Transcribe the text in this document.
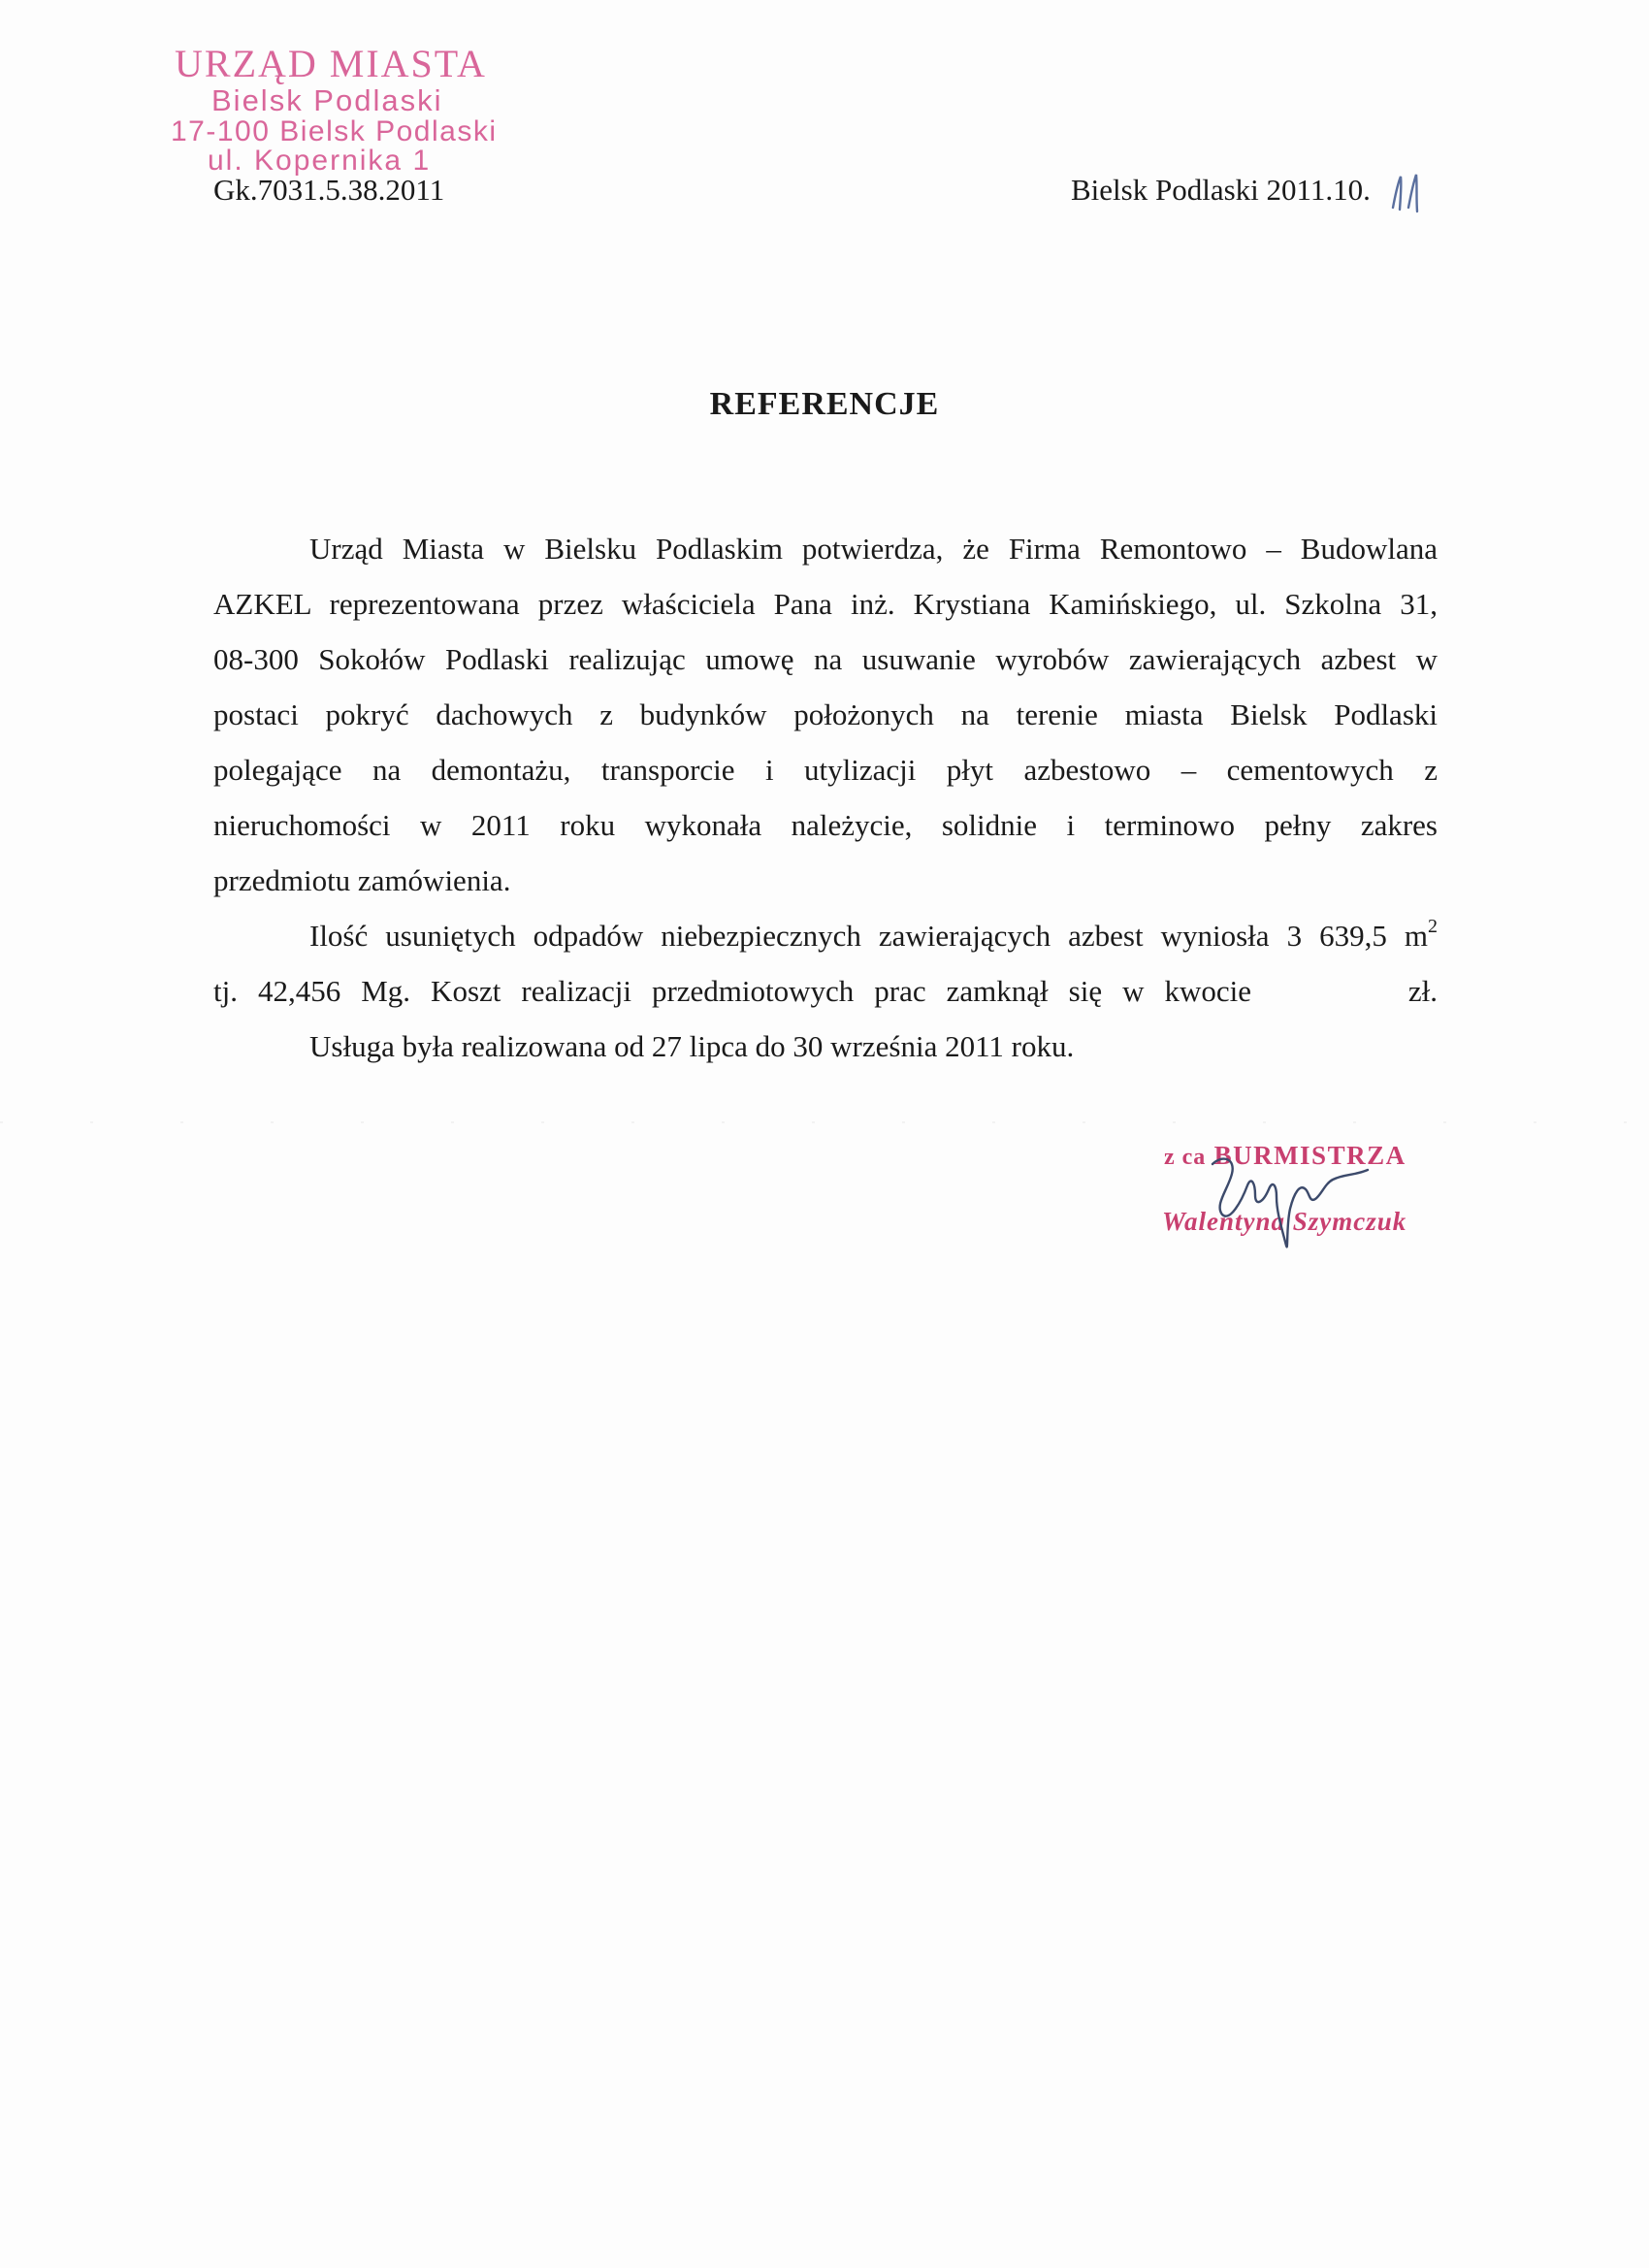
URZĄD MIASTA
Bielsk Podlaski
17-100 Bielsk Podlaski
ul. Kopernika 1
Gk.7031.5.38.2011	Bielsk Podlaski 2011.10.
REFERENCJE

Urząd Miasta w Bielsku Podlaskim potwierdza, że Firma Remontowo – Budowlana
AZKEL reprezentowana przez właściciela Pana inż. Krystiana Kamińskiego, ul. Szkolna 31,
08-300 Sokołów Podlaski realizując umowę na usuwanie wyrobów zawierających azbest w
postaci pokryć dachowych z budynków położonych na terenie miasta Bielsk Podlaski
polegające na demontażu, transporcie i utylizacji płyt azbestowo – cementowych z
nieruchomości w 2011 roku wykonała należycie, solidnie i terminowo pełny zakres
przedmiotu zamówienia.

Ilość usuniętych odpadów niebezpiecznych zawierających azbest wyniosła 3 639,5 $m^2$
tj. 42,456 Mg. Koszt realizacji przedmiotowych prac zamknął się w kwocie	zł.

Usługa była realizowana od 27 lipca do 30 września 2011 roku.

z ca BURMISTRZA
Walentyna Szymczuk
